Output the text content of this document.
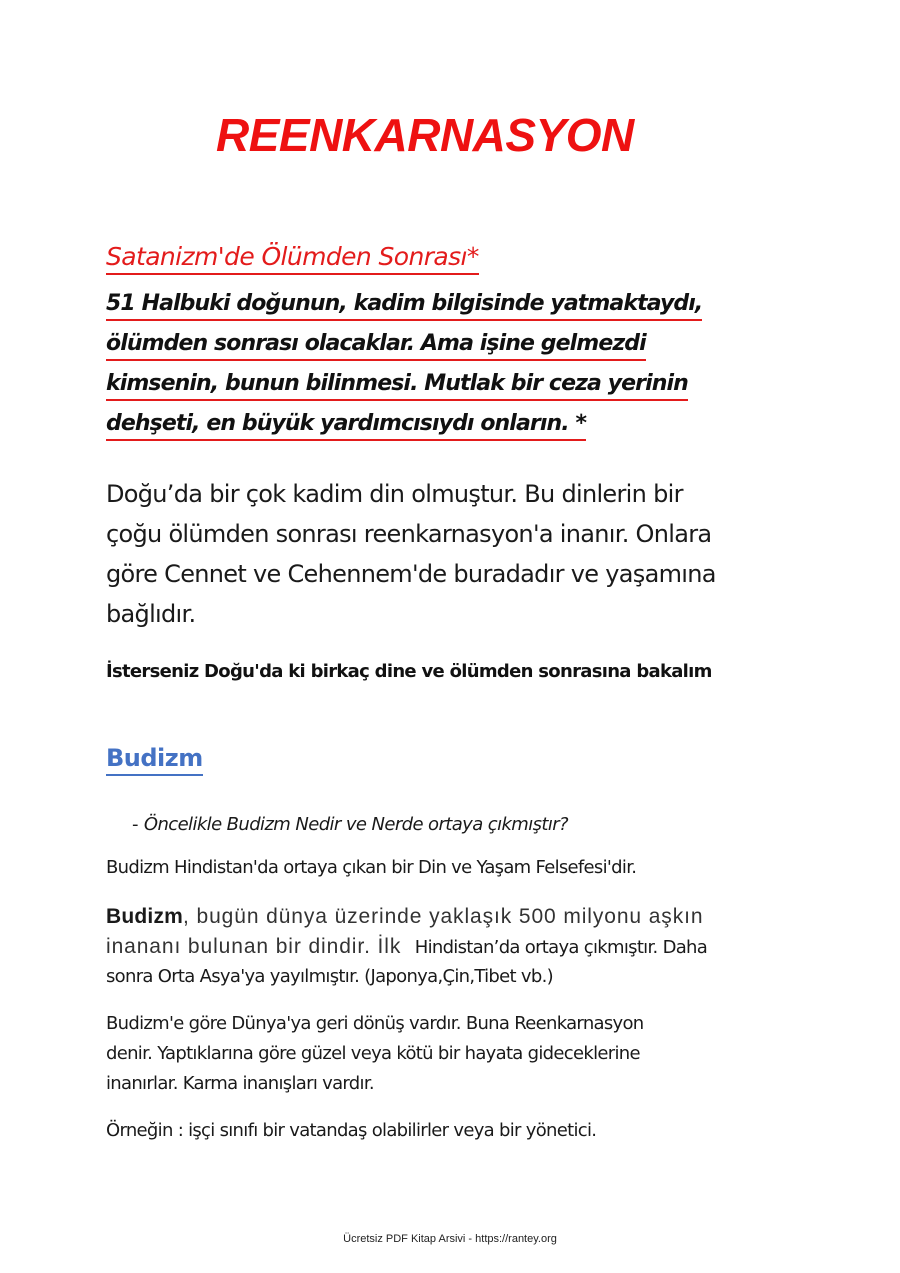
REENKARNASYON
Satanizm'de Ölümden Sonrası*
51 Halbuki doğunun, kadim bilgisinde yatmaktaydı,
ölümden sonrası olacaklar. Ama işine gelmezdi
kimsenin, bunun bilinmesi. Mutlak bir ceza yerinin
dehşeti, en büyük yardımcısıydı onların. *
Doğu’da bir çok kadim din olmuştur. Bu dinlerin bir
çoğu ölümden sonrası reenkarnasyon'a inanır. Onlara
göre Cennet ve Cehennem'de buradadır ve yaşamına
bağlıdır.

İsterseniz Doğu'da ki birkaç dine ve ölümden sonrasına bakalım

Budizm
- Öncelikle Budizm Nedir ve Nerde ortaya çıkmıştır?
Budizm Hindistan'da ortaya çıkan bir Din ve Yaşam Felsefesi'dir.
Budizm, bugün dünya üzerinde yaklaşık 500 milyonu aşkın
inananı bulunan bir dindir. İlk Hindistan’da ortaya çıkmıştır. Daha
sonra Orta Asya'ya yayılmıştır. (Japonya,Çin,Tibet vb.)
Budizm'e göre Dünya'ya geri dönüş vardır. Buna Reenkarnasyon
denir. Yaptıklarına göre güzel veya kötü bir hayata gideceklerine
inanırlar. Karma inanışları vardır.
Örneğin : işçi sınıfı bir vatandaş olabilirler veya bir yönetici.
Ücretsiz PDF Kitap Arsivi - https://rantey.org
